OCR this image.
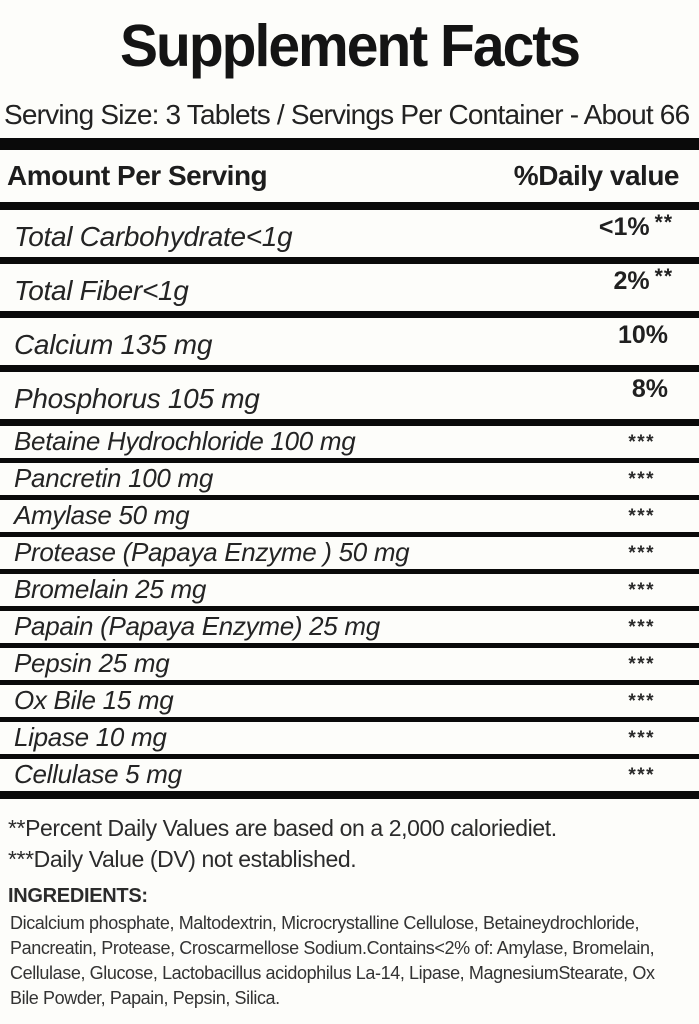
Supplement Facts
Serving Size: 3 Tablets / Servings Per Container - About 66
Amount Per Serving	%Daily value
Total Carbohydrate<1g	<1% **
Total Fiber<1g	2% **
Calcium 135 mg	10%
Phosphorus 105 mg	8%
Betaine Hydrochloride 100 mg	***
Pancretin 100 mg	***
Amylase 50 mg	***
Protease (Papaya Enzyme ) 50 mg	***
Bromelain 25 mg	***
Papain (Papaya Enzyme) 25 mg	***
Pepsin 25 mg	***
Ox Bile 15 mg	***
Lipase 10 mg	***
Cellulase 5 mg	***
**Percent Daily Values are based on a 2,000 caloriediet.
***Daily Value (DV) not established.
INGREDIENTS:
Dicalcium phosphate, Maltodextrin, Microcrystalline Cellulose, Betaineydrochloride, Pancreatin, Protease, Croscarmellose Sodium.Contains<2% of: Amylase, Bromelain, Cellulase, Glucose, Lactobacillus acidophilus La-14, Lipase, MagnesiumStearate, Ox Bile Powder, Papain, Pepsin, Silica.
